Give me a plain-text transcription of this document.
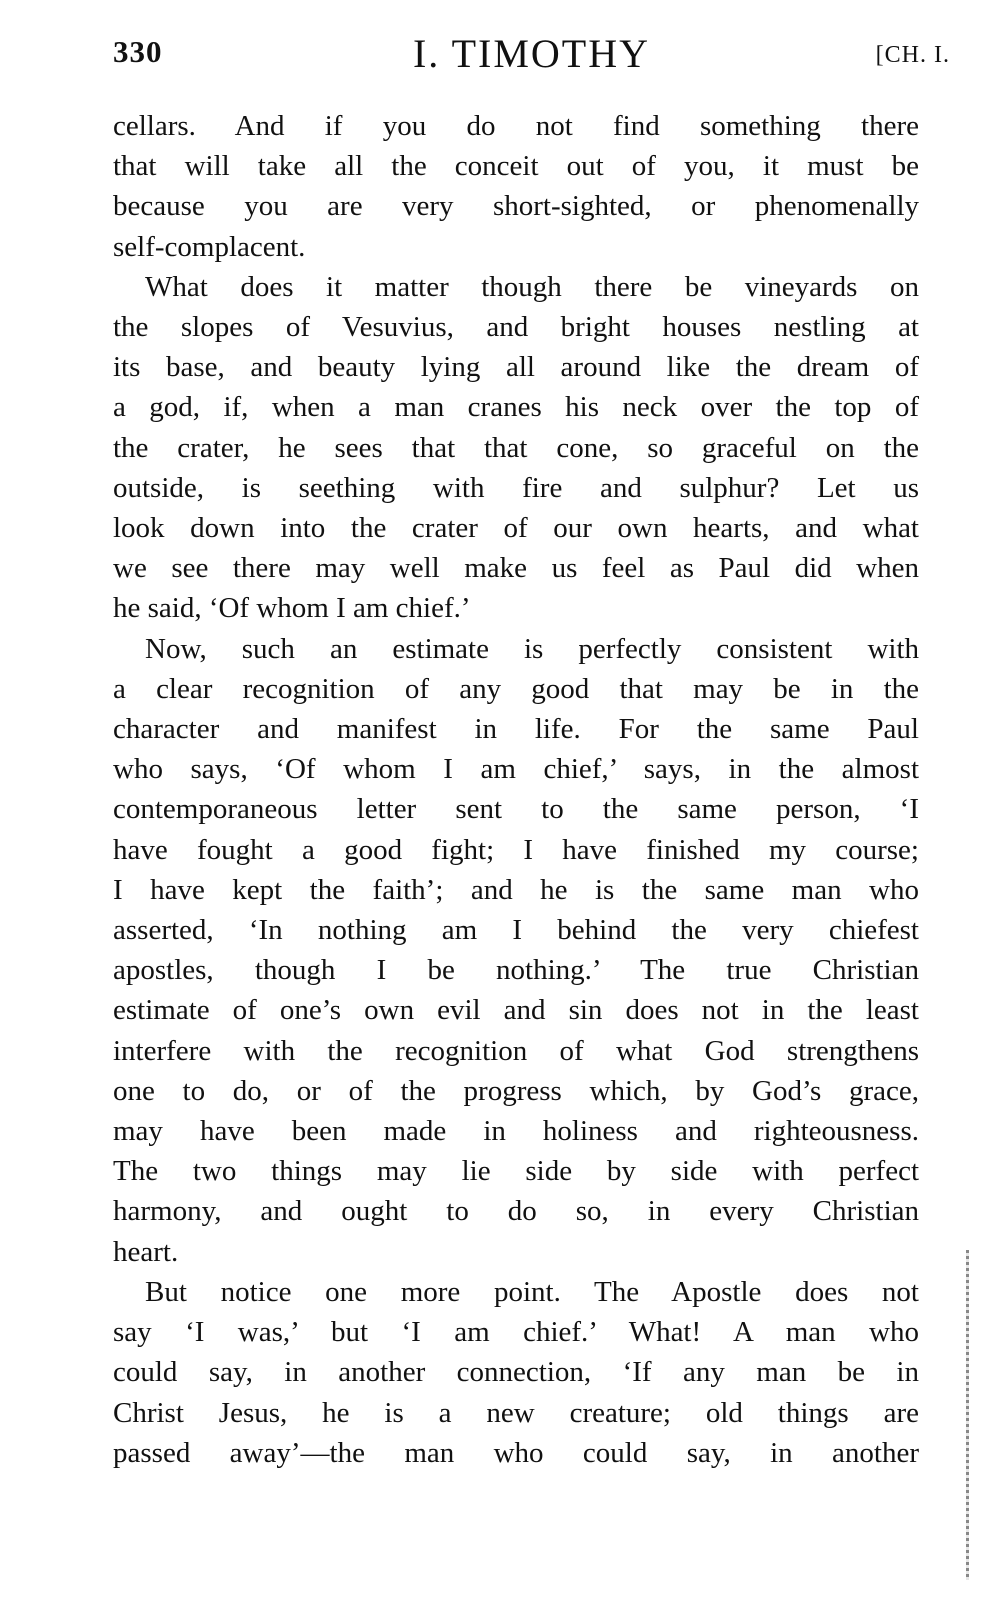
330	I. TIMOTHY	[CH. I.

cellars. And if you do not find something there
that will take all the conceit out of you, it must be
because you are very short-sighted, or phenomenally
self-complacent.

What does it matter though there be vineyards on
the slopes of Vesuvius, and bright houses nestling at
its base, and beauty lying all around like the dream of
a god, if, when a man cranes his neck over the top of
the crater, he sees that that cone, so graceful on the
outside, is seething with fire and sulphur? Let us
look down into the crater of our own hearts, and what
we see there may well make us feel as Paul did when
he said, ‘Of whom I am chief.’

Now, such an estimate is perfectly consistent with
a clear recognition of any good that may be in the
character and manifest in life. For the same Paul
who says, ‘Of whom I am chief,’ says, in the almost
contemporaneous letter sent to the same person, ‘I
have fought a good fight; I have finished my course;
I have kept the faith’; and he is the same man who
asserted, ‘In nothing am I behind the very chiefest
apostles, though I be nothing.’ The true Christian
estimate of one’s own evil and sin does not in the least
interfere with the recognition of what God strengthens
one to do, or of the progress which, by God’s grace,
may have been made in holiness and righteousness.
The two things may lie side by side with perfect
harmony, and ought to do so, in every Christian
heart.

But notice one more point. The Apostle does not
say ‘I was,’ but ‘I am chief.’ What! A man who
could say, in another connection, ‘If any man be in
Christ Jesus, he is a new creature; old things are
passed away’—the man who could say, in another
